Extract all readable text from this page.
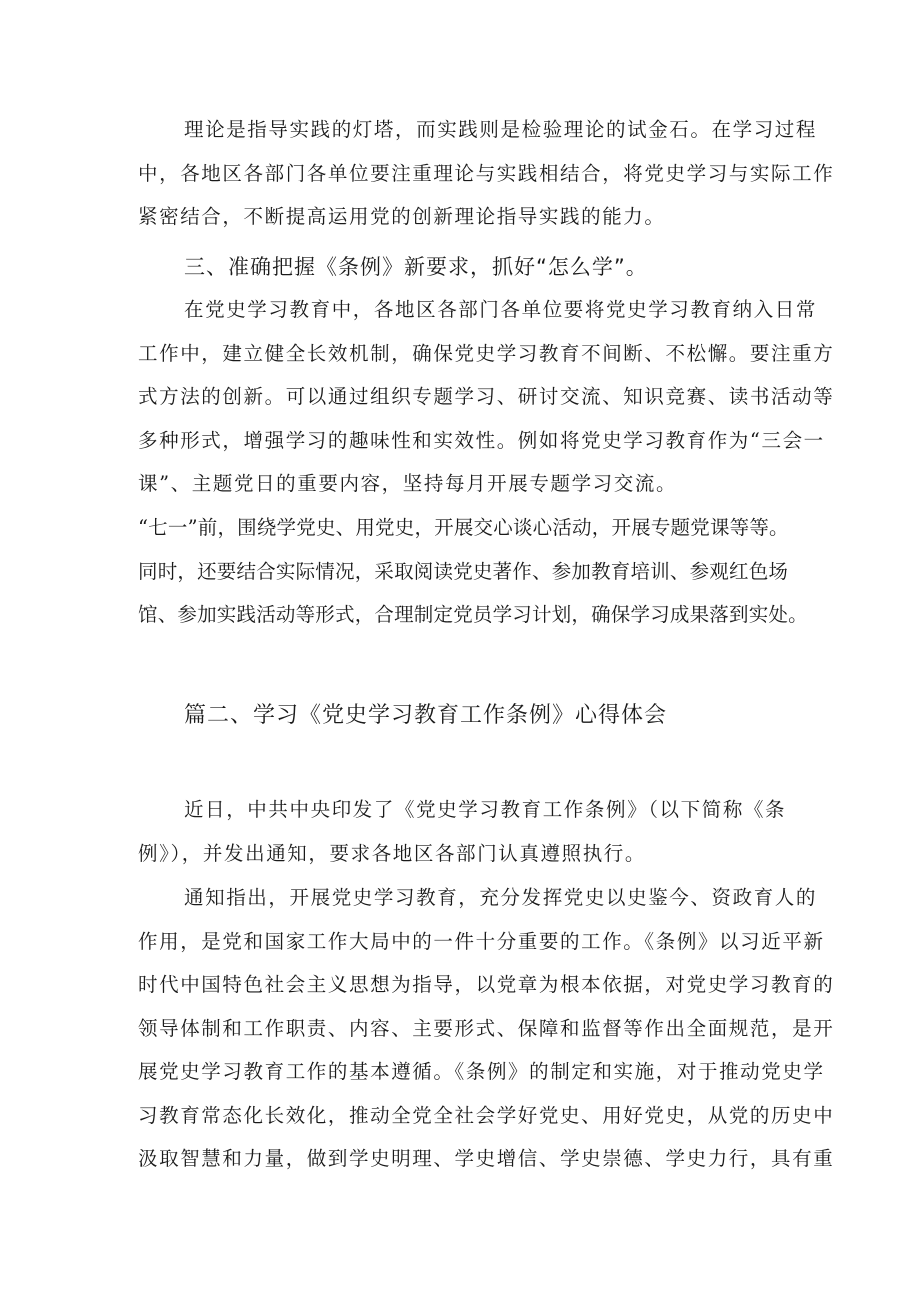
理论是指导实践的灯塔，而实践则是检验理论的试金石。在学习过程
中，各地区各部门各单位要注重理论与实践相结合，将党史学习与实际工作
紧密结合，不断提高运用党的创新理论指导实践的能力。
三、准确把握《条例》新要求，抓好“怎么学”。
在党史学习教育中，各地区各部门各单位要将党史学习教育纳入日常
工作中，建立健全长效机制，确保党史学习教育不间断、不松懈。要注重方
式方法的创新。可以通过组织专题学习、研讨交流、知识竞赛、读书活动等
多种形式，增强学习的趣味性和实效性。例如将党史学习教育作为“三会一
课”、主题党日的重要内容，坚持每月开展专题学习交流。
“七一”前，围绕学党史、用党史，开展交心谈心活动，开展专题党课等等。
同时，还要结合实际情况，采取阅读党史著作、参加教育培训、参观红色场
馆、参加实践活动等形式，合理制定党员学习计划，确保学习成果落到实处。
篇二、学习《党史学习教育工作条例》心得体会
近日，中共中央印发了《党史学习教育工作条例》（以下简称《条
例》），并发出通知，要求各地区各部门认真遵照执行。
通知指出，开展党史学习教育，充分发挥党史以史鉴今、资政育人的
作用，是党和国家工作大局中的一件十分重要的工作。《条例》以习近平新
时代中国特色社会主义思想为指导，以党章为根本依据，对党史学习教育的
领导体制和工作职责、内容、主要形式、保障和监督等作出全面规范，是开
展党史学习教育工作的基本遵循。《条例》的制定和实施，对于推动党史学
习教育常态化长效化，推动全党全社会学好党史、用好党史，从党的历史中
汲取智慧和力量，做到学史明理、学史增信、学史崇德、学史力行，具有重
